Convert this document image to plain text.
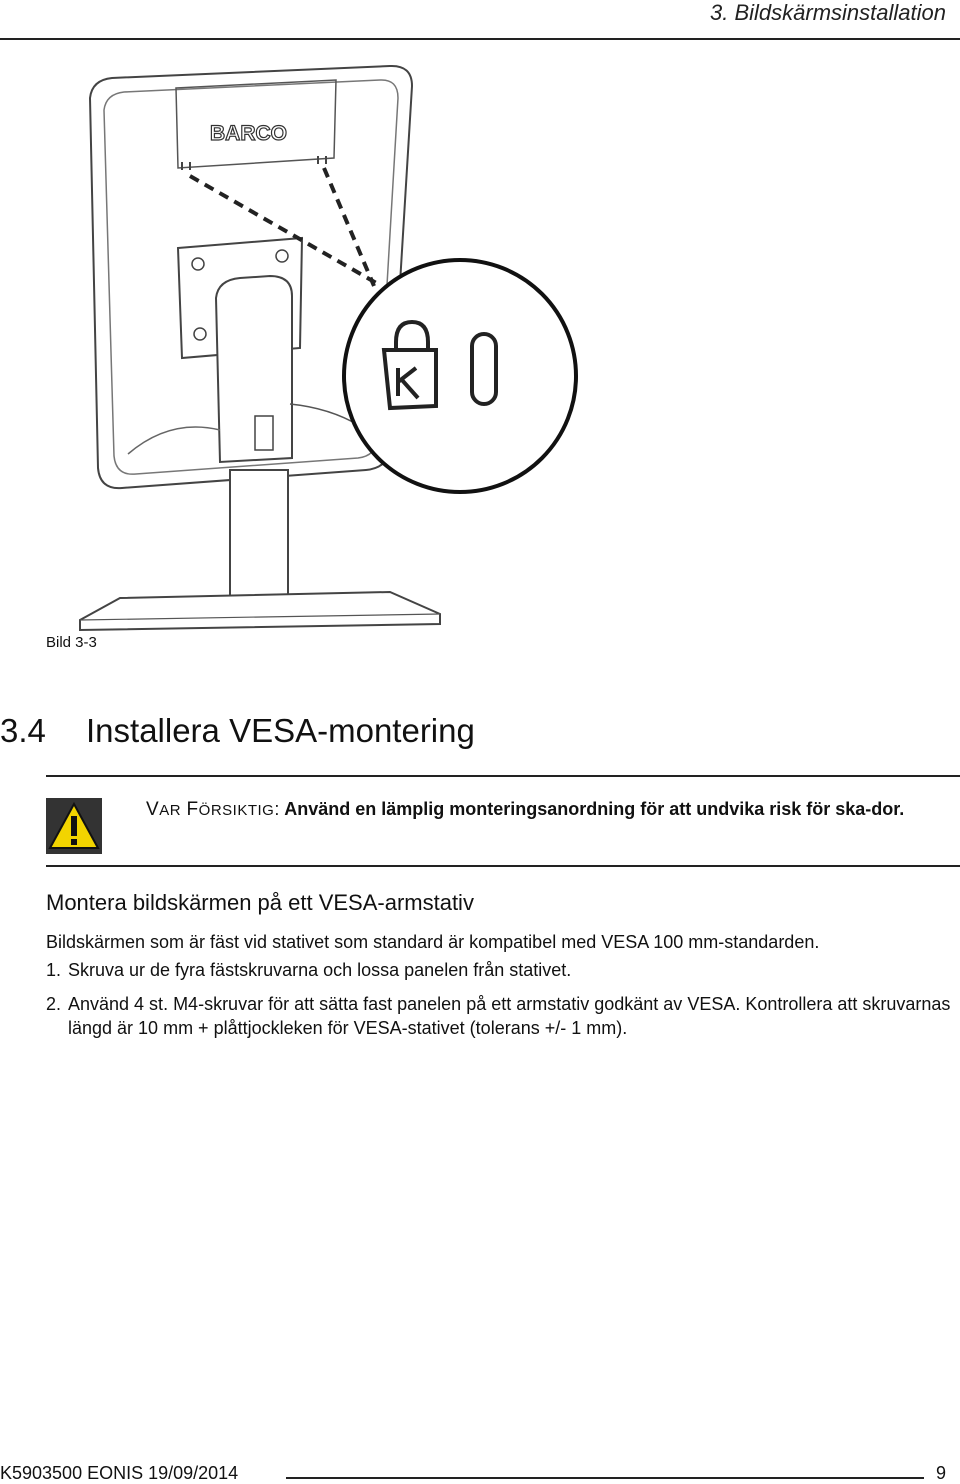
3. Bildskärmsinstallation
BARCO
Bild 3-3
3.4 Installera VESA-montering
VAR FÖRSIKTIG: Använd en lämplig monteringsanordning för att undvika risk för ska-dor.
Montera bildskärmen på ett VESA-armstativ
Bildskärmen som är fäst vid stativet som standard är kompatibel med VESA 100 mm-standarden.
1. Skruva ur de fyra fästskruvarna och lossa panelen från stativet.
2. Använd 4 st. M4-skruvar för att sätta fast panelen på ett armstativ godkänt av VESA. Kontrollera att skruvarnas längd är 10 mm + plåttjockleken för VESA-stativet (tolerans +/- 1 mm).
K5903500 EONIS 19/09/2014	9
